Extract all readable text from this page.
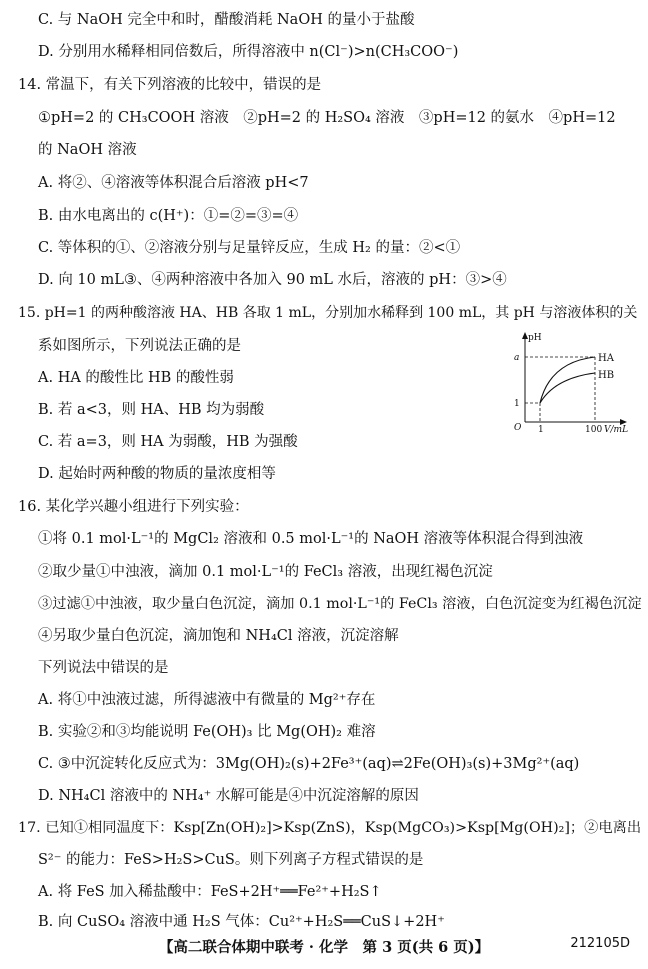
C. 与 NaOH 完全中和时，醋酸消耗 NaOH 的量小于盐酸
D. 分别用水稀释相同倍数后，所得溶液中 n(Cl⁻)>n(CH₃COO⁻)
14. 常温下，有关下列溶液的比较中，错误的是
①pH=2 的 CH₃COOH 溶液　②pH=2 的 H₂SO₄ 溶液　③pH=12 的氨水　④pH=12
的 NaOH 溶液
A. 将②、④溶液等体积混合后溶液 pH<7
B. 由水电离出的 c(H⁺)：①=②=③=④
C. 等体积的①、②溶液分别与足量锌反应，生成 H₂ 的量：②<①
D. 向 10 mL③、④两种溶液中各加入 90 mL 水后，溶液的 pH：③>④
15. pH=1 的两种酸溶液 HA、HB 各取 1 mL，分别加水稀释到 100 mL，其 pH 与溶液体积的关
系如图所示，下列说法正确的是
A. HA 的酸性比 HB 的酸性弱
B. 若 a<3，则 HA、HB 均为弱酸
C. 若 a=3，则 HA 为弱酸，HB 为强酸
D. 起始时两种酸的物质的量浓度相等
pH
a
1
O 1	100 V/mL
HA
HB
16. 某化学兴趣小组进行下列实验：
①将 0.1 mol·L⁻¹的 MgCl₂ 溶液和 0.5 mol·L⁻¹的 NaOH 溶液等体积混合得到浊液
②取少量①中浊液，滴加 0.1 mol·L⁻¹的 FeCl₃ 溶液，出现红褐色沉淀
③过滤①中浊液，取少量白色沉淀，滴加 0.1 mol·L⁻¹的 FeCl₃ 溶液，白色沉淀变为红褐色沉淀
④另取少量白色沉淀，滴加饱和 NH₄Cl 溶液，沉淀溶解
下列说法中错误的是
A. 将①中浊液过滤，所得滤液中有微量的 Mg²⁺存在
B. 实验②和③均能说明 Fe(OH)₃ 比 Mg(OH)₂ 难溶
C. ③中沉淀转化反应式为：3Mg(OH)₂(s)+2Fe³⁺(aq)⇌2Fe(OH)₃(s)+3Mg²⁺(aq)
D. NH₄Cl 溶液中的 NH₄⁺ 水解可能是④中沉淀溶解的原因
17. 已知①相同温度下：Ksp[Zn(OH)₂]>Ksp(ZnS)，Ksp(MgCO₃)>Ksp[Mg(OH)₂]；②电离出
S²⁻ 的能力：FeS>H₂S>CuS。则下列离子方程式错误的是
A. 将 FeS 加入稀盐酸中：FeS+2H⁺══Fe²⁺+H₂S↑
B. 向 CuSO₄ 溶液中通 H₂S 气体：Cu²⁺+H₂S══CuS↓+2H⁺
【高二联合体期中联考 · 化学　第 3 页(共 6 页)】	212105D
